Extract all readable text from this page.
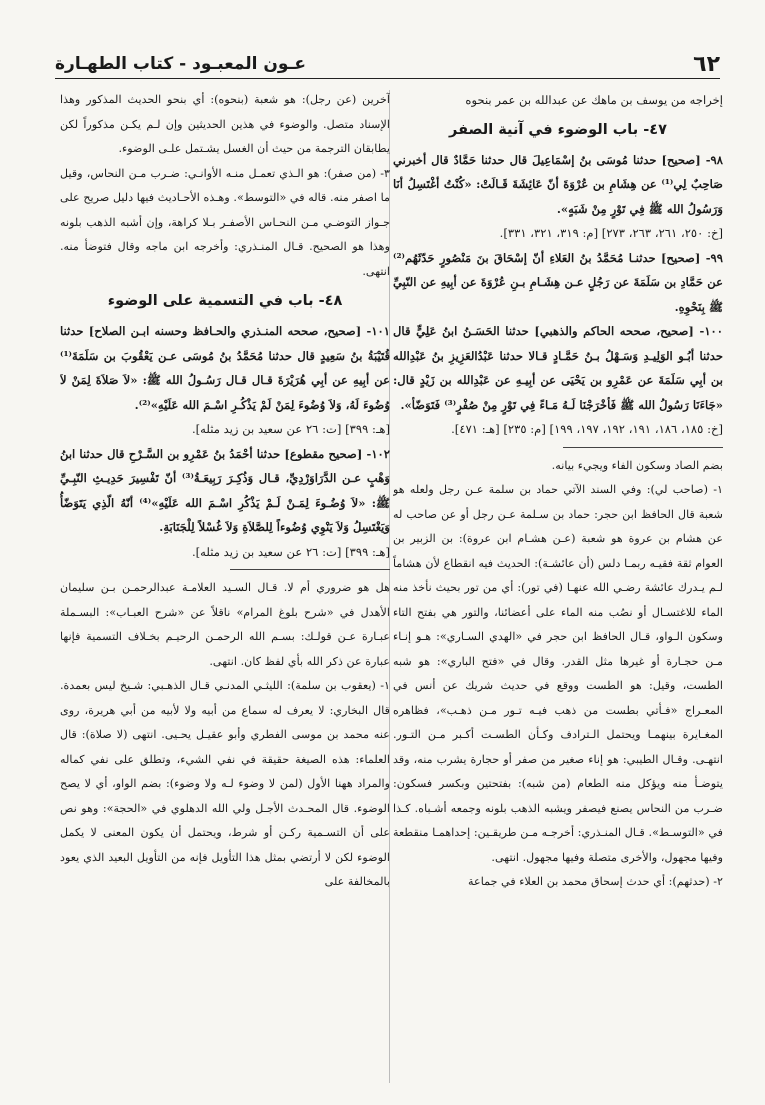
٦٢
عـون المعبـود - كتاب الطهـارة

إخراجه من يوسف بن ماهك عن عبدالله بن عمر بنحوه

٤٧- باب الوضوء في آنية الصفر

٩٨- [صحيح] حدثنا مُوسَى بنُ إسْمَاعِيلَ قال حدثنا حَمَّادٌ قال أخبرني صَاحِبٌ لِي⁽¹⁾ عن هِشَامِ بن عُرْوَةَ أنّ عَائِشَةَ قَـالَتْ: «كُنْتُ أغْتَسِلُ أنَا وَرَسُولُ الله ﷺ فِي تَوْرٍ مِنْ شَبَهٍ».

[خ: ٢٥٠، ٢٦١، ٢٦٣، ٢٧٣] [م: ٣١٩، ٣٢١، ٣٣١].

٩٩- [صحيح] حدثنـا مُحَمَّدُ بنُ العَلاءِ أنّ إسْحَاقَ بنَ مَنْصُورٍ حَدّثَهُم⁽²⁾ عن حَمَّادِ بن سَلَمَةَ عن رَجُلٍ عـن هِشَـامِ بـنِ عُرْوَةَ عن أبِيهِ عن النّبِيِّ ﷺ بِنَحْوِهِ.

١٠٠- [صحيح، صححه الحاكم والذهبي] حدثنا الحَسَـنُ ابنُ عَلِيٍّ قال حدثنا أبُـو الوَلِيـدِ وَسَـهْلُ بـنُ حَمَّـادٍ قـالا حدثنا عَبْدُالعَزِيزِ بنُ عَبْدِالله بن أبِي سَلَمَةَ عن عَمْرِو بن يَحْيَى عن أبِيـهِ عن عَبْدِالله بن زَيْدٍ قال: «جَاءَنَا رَسُولُ الله ﷺ فَأخْرَجْنَا لَـهُ مَـاءً فِي تَوْرٍ مِنْ صُفْرٍ⁽³⁾ فَتَوَضّأ».

[خ: ١٨٥، ١٨٦، ١٩١، ١٩٢، ١٩٧، ١٩٩] [م: ٢٣٥] [هـ: ٤٧١].

بضم الصاد وسكون الفاء ويجيء بيانه.

١- (صاحب لي): وفي السند الآتي حماد بن سلمة عـن رجل ولعله هو شعبة قال الحافظ ابن حجر: حماد بن سـلمة عـن رجل أو عن صاحب له عن هشام بن عروة هو شعبة (عـن هشـام ابن عروة): بن الزبير بن العوام ثقة فقيـه ربمـا دلس (أن عائشـة): الحديث فيه انقطاع لأن هشاماً لـم يـدرك عائشة رضـي الله عنهـا (في تور): أي من تور بحيث نأخذ منه الماء للاغتسـال أو نصُب منه الماء على أعضائنا، والتور هي بفتح التاء وسكون الـواو، قـال الحافظ ابن حجر في «الهدي السـاري»: هـو إنـاء مـن حجـارة أو غيرها مثل القدر. وقال في «فتح الباري»: هو شبه الطست، وقيل: هو الطست ووقع في حديث شريك عن أنس في المعـراج «فـأتي بطست من ذهب فيـه تـور مـن ذهـب»، فظاهره المغـايرة بينهمـا ويحتمل الـترادف وكـأن الطسـت أكـبر مـن التـور. انتهـى. وقـال الطيبي: هو إناء صغير من صفر أو حجارة يشرب منه، وقد يتوضـأ منه ويؤكل منه الطعام (من شبه): بفتحتين وبكسر فسكون: ضـرب من النحاس يصنع فيصفر ويشبه الذهب بلونه وجمعه أشـباه. كـذا في «التوسـط». قـال المنـذري: أخرجـه مـن طريقـين: إحداهمـا منقطعة وفيها مجهول، والأخرى متصلة وفيها مجهول. انتهى.

٢- (حدثهم): أي حدث إسحاق محمد بن العلاء في جماعة

آخرين (عن رجل): هو شعبة (بنحوه): أي بنحو الحديث المذكور وهذا الإسناد متصل. والوضوء في هذين الحديثين وإن لـم يكـن مذكوراً لكن يطابقان الترجمة من حيث أن الغسل يشـتمل علـى الوضوء.

٣- (من صفر): هو الـذي تعمـل منـه الأوانـي: ضـرب مـن النحاس، وقيل ما اصفر منه. قاله في «التوسط». وهـذه الأحـاديث فيها دليل صريح على جـواز التوضـي مـن النحـاس الأصفـر بـلا كراهة، وإن أشبه الذهب بلونه وهذا هو الصحيح. قـال المنـذري: وأخرجه ابن ماجه وقال فتوضأ منه. انتهى.

٤٨- باب في التسمية على الوضوء

١٠١- [صحيح، صححه المنـذري والحـافظ وحسنه ابـن الصلاح] حدثنا قُتَيْبَةُ بنُ سَعِيدٍ قال حدثنا مُحَمَّدُ بنُ مُوسَى عـن يَعْقُوبَ بن سَلَمَةَ⁽¹⁾ عن أبِيهِ عن أبِي هُرَيْرَةَ قـال قـال رَسُـولُ الله ﷺ: «لاَ صَلاَةَ لِمَنْ لاَ وُضُوءَ لَهُ، وَلاَ وُضُوءَ لِمَنْ لَمْ يَذْكُـرِ اسْـمَ الله عَلَيْهِ»⁽²⁾.

[هـ: ٣٩٩] [ت: ٢٦ عن سعيد بن زيد مثله].

١٠٢- [صحيح مقطوع] حدثنا أحْمَدُ بنُ عَمْرِو بن السَّـرْحِ قال حدثنا ابنُ وَهْبٍ عـن الدَّرَاوَرْدِيِّ، قـال وَذُكِـرَ رَبِيعَـةُ⁽³⁾ أنّ تَفْسِيرَ حَدِيـثِ النّبِـيِّ ﷺ: «لاَ وُضُـوءَ لِمَـنْ لَـمْ يَذْكُرِ اسْـمَ الله عَلَيْهِ»⁽⁴⁾ أنّهُ الّذِي يَتَوَضّأُ وَيَغْتَسِلُ وَلاَ يَنْوِي وُضُوءاً لِلصَّلاَةِ وَلاَ غُسْلاً لِلْجَنَابَةِ.

[هـ: ٣٩٩] [ت: ٢٦ عن سعيد بن زيد مثله].

هل هو ضروري أم لا. قـال السـيد العلامـة عبدالرحمـن بـن سليمان الأهدل في «شرح بلوغ المرام» ناقلاً عن «شرح العبـاب»: البسـملة عبـارة عـن قولـك: بسـم الله الرحمـن الرحيـم بخـلاف التسمية فإنها عبارة عن ذكر الله بأي لفظ كان. انتهى.

١- (يعقوب بن سلمة): الليثـي المدنـي قـال الذهـبي: شـيخ ليس بعمدة. قال البخاري: لا يعرف له سماع من أبيه ولا لأبيه من أبي هريرة، روى عنه محمد بن موسى الفطري وأبو عقيـل يحـيى. انتهى (لا صلاة): قال العلماء: هذه الصيغة حقيقة في نفي الشيء، وتطلق على نفي كماله والمراد ههنا الأول (لمن لا وضوء لـه ولا وضوء): بضم الواو، أي لا يصح الوضوء. قال المحـدث الأجـل ولي الله الدهلوي في «الحجة»: وهو نص على أن التسـمية ركـن أو شرط، ويحتمل أن يكون المعنى لا يكمل الوضوء لكن لا أرتضي بمثل هذا التأويل فإنه من التأويل البعيد الذي يعود بالمخالفة على
